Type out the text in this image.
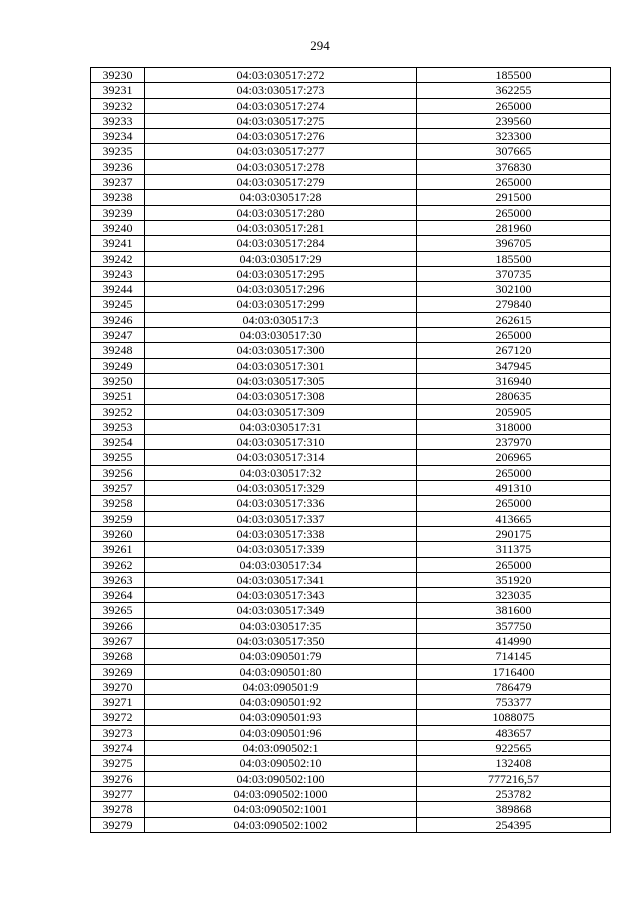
294
39230	04:03:030517:272	185500
39231	04:03:030517:273	362255
39232	04:03:030517:274	265000
39233	04:03:030517:275	239560
39234	04:03:030517:276	323300
39235	04:03:030517:277	307665
39236	04:03:030517:278	376830
39237	04:03:030517:279	265000
39238	04:03:030517:28	291500
39239	04:03:030517:280	265000
39240	04:03:030517:281	281960
39241	04:03:030517:284	396705
39242	04:03:030517:29	185500
39243	04:03:030517:295	370735
39244	04:03:030517:296	302100
39245	04:03:030517:299	279840
39246	04:03:030517:3	262615
39247	04:03:030517:30	265000
39248	04:03:030517:300	267120
39249	04:03:030517:301	347945
39250	04:03:030517:305	316940
39251	04:03:030517:308	280635
39252	04:03:030517:309	205905
39253	04:03:030517:31	318000
39254	04:03:030517:310	237970
39255	04:03:030517:314	206965
39256	04:03:030517:32	265000
39257	04:03:030517:329	491310
39258	04:03:030517:336	265000
39259	04:03:030517:337	413665
39260	04:03:030517:338	290175
39261	04:03:030517:339	311375
39262	04:03:030517:34	265000
39263	04:03:030517:341	351920
39264	04:03:030517:343	323035
39265	04:03:030517:349	381600
39266	04:03:030517:35	357750
39267	04:03:030517:350	414990
39268	04:03:090501:79	714145
39269	04:03:090501:80	1716400
39270	04:03:090501:9	786479
39271	04:03:090501:92	753377
39272	04:03:090501:93	1088075
39273	04:03:090501:96	483657
39274	04:03:090502:1	922565
39275	04:03:090502:10	132408
39276	04:03:090502:100	777216,57
39277	04:03:090502:1000	253782
39278	04:03:090502:1001	389868
39279	04:03:090502:1002	254395
